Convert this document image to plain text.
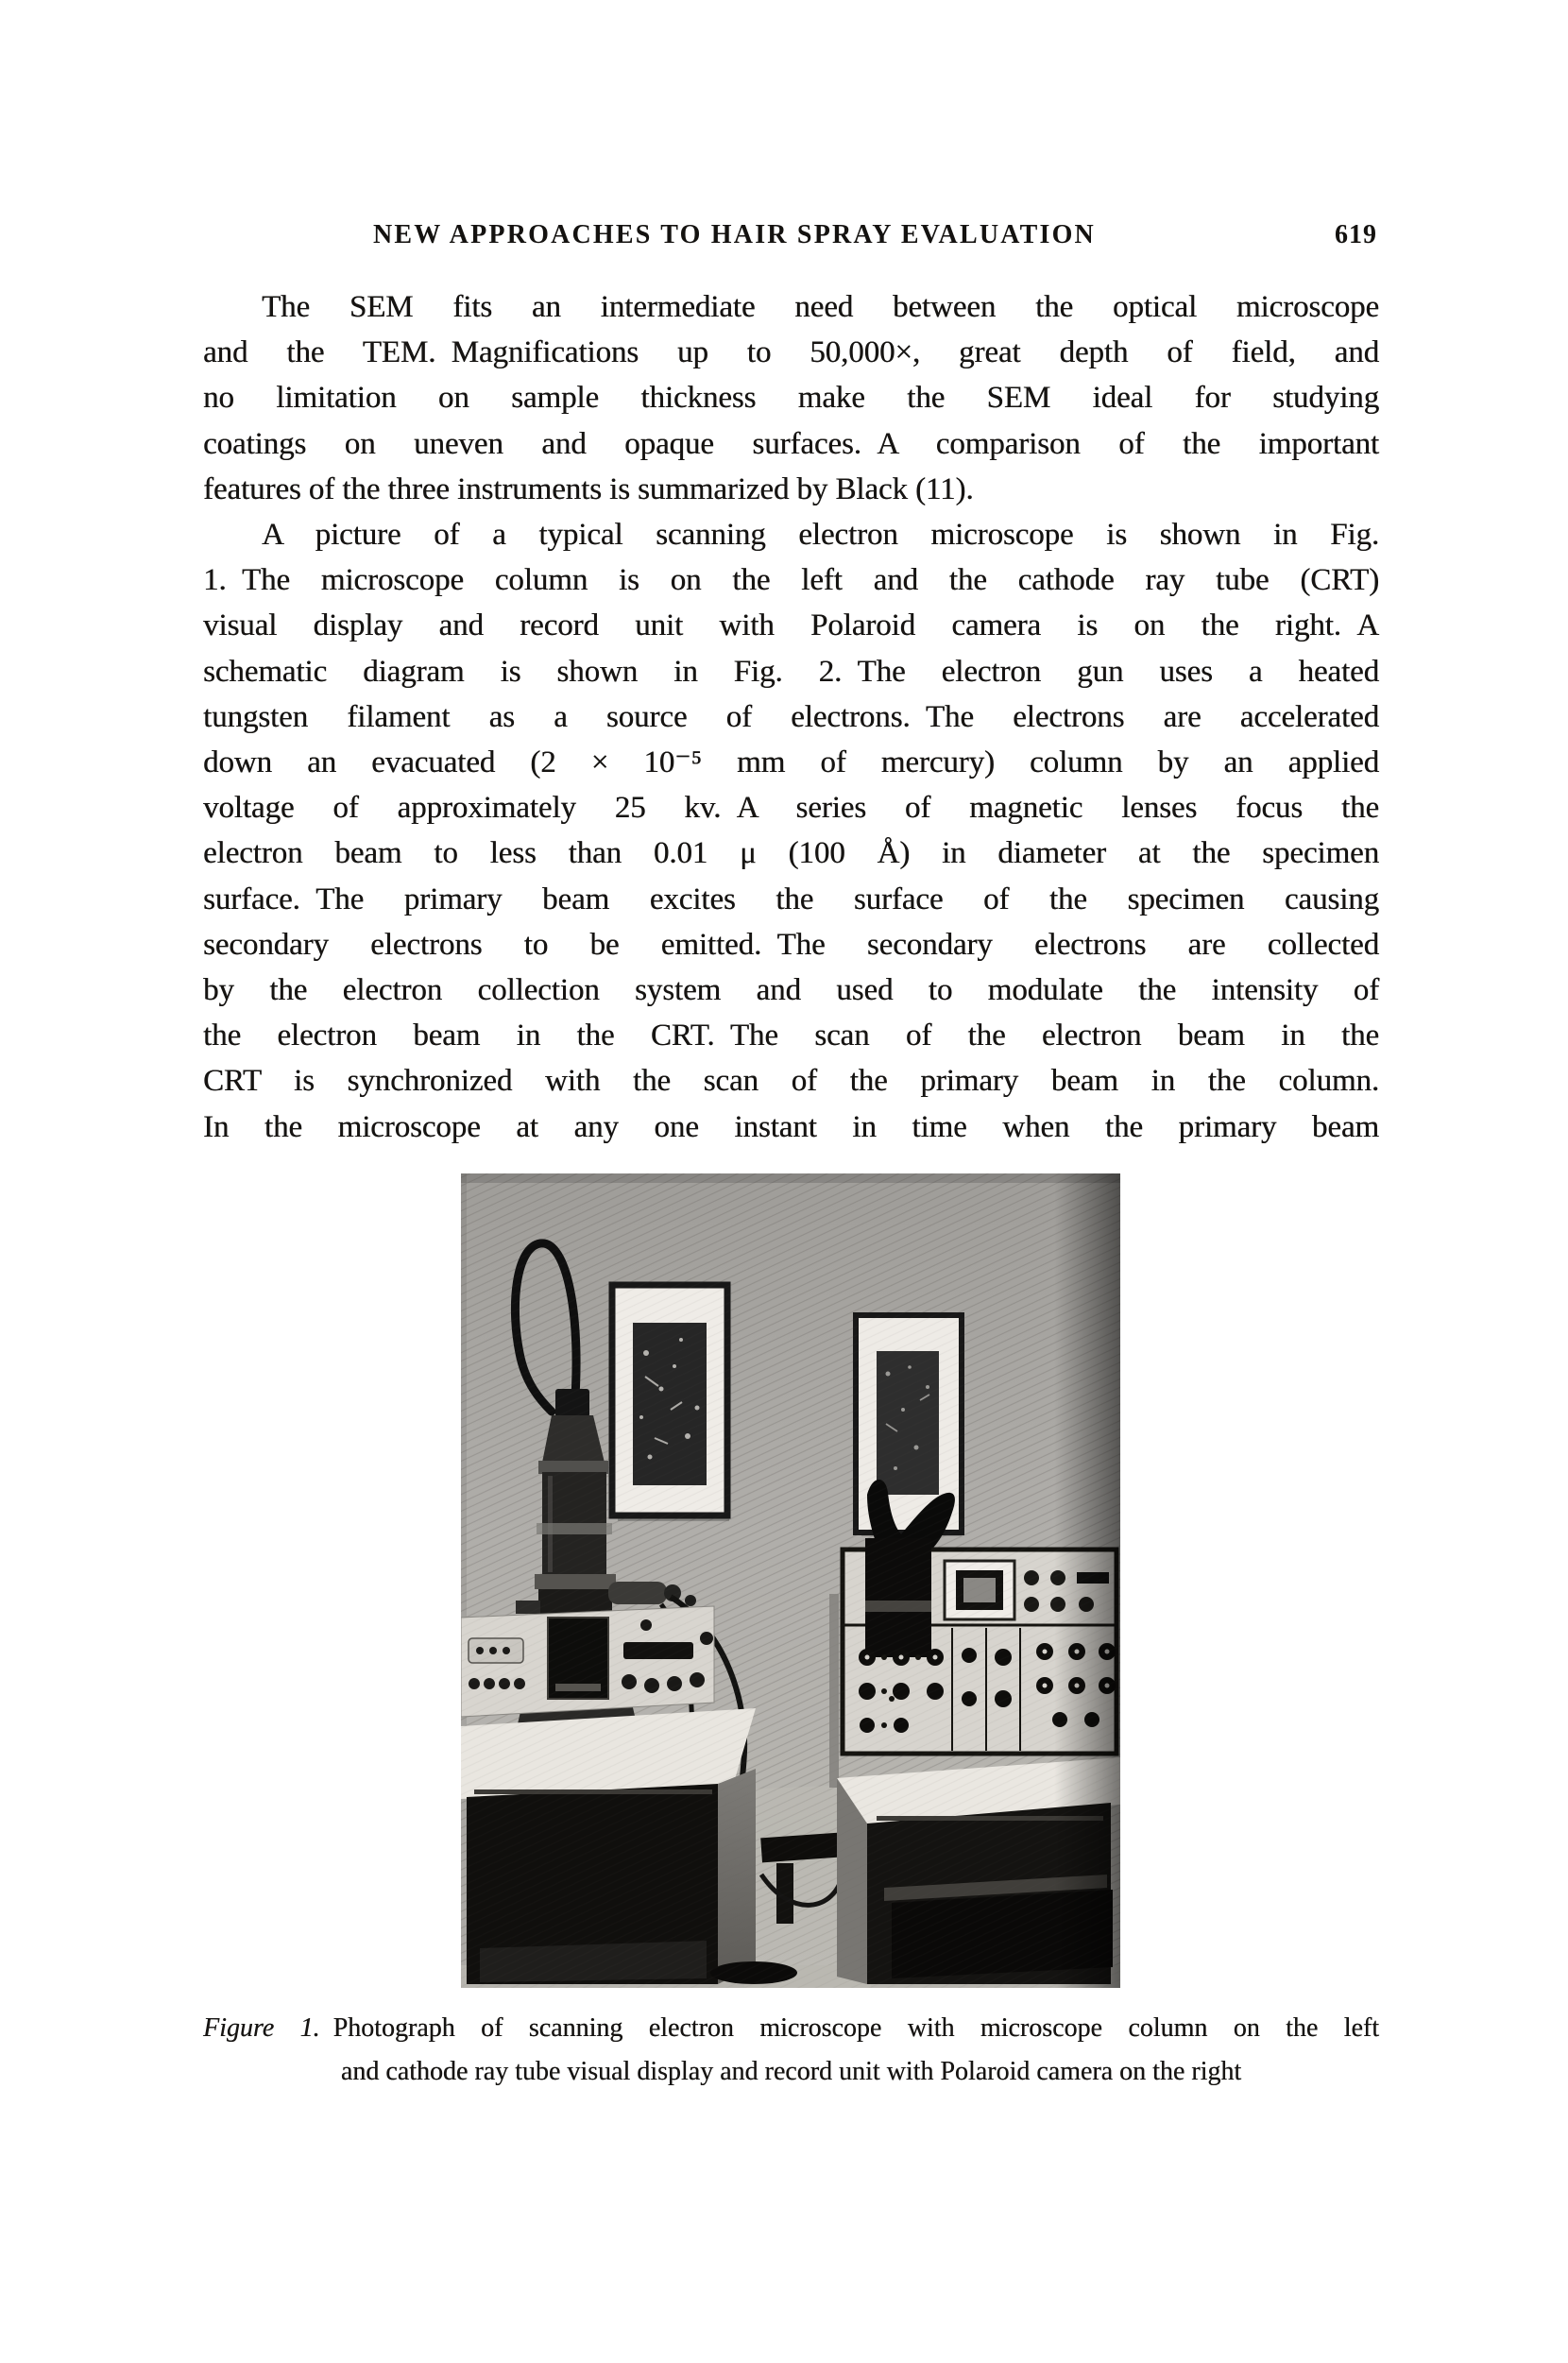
NEW APPROACHES TO HAIR SPRAY EVALUATION	619
The SEM fits an intermediate need between the optical microscope
and the TEM. Magnifications up to 50,000×, great depth of field, and
no limitation on sample thickness make the SEM ideal for studying
coatings on uneven and opaque surfaces. A comparison of the important
features of the three instruments is summarized by Black (11).
A picture of a typical scanning electron microscope is shown in Fig.
1. The microscope column is on the left and the cathode ray tube (CRT)
visual display and record unit with Polaroid camera is on the right. A
schematic diagram is shown in Fig. 2. The electron gun uses a heated
tungsten filament as a source of electrons. The electrons are accelerated
down an evacuated (2 × 10⁻⁵ mm of mercury) column by an applied
voltage of approximately 25 kv. A series of magnetic lenses focus the
electron beam to less than 0.01 μ (100 Å) in diameter at the specimen
surface. The primary beam excites the surface of the specimen causing
secondary electrons to be emitted. The secondary electrons are collected
by the electron collection system and used to modulate the intensity of
the electron beam in the CRT. The scan of the electron beam in the
CRT is synchronized with the scan of the primary beam in the column.
In the microscope at any one instant in time when the primary beam
Figure 1. Photograph of scanning electron microscope with microscope column on the left
and cathode ray tube visual display and record unit with Polaroid camera on the right
